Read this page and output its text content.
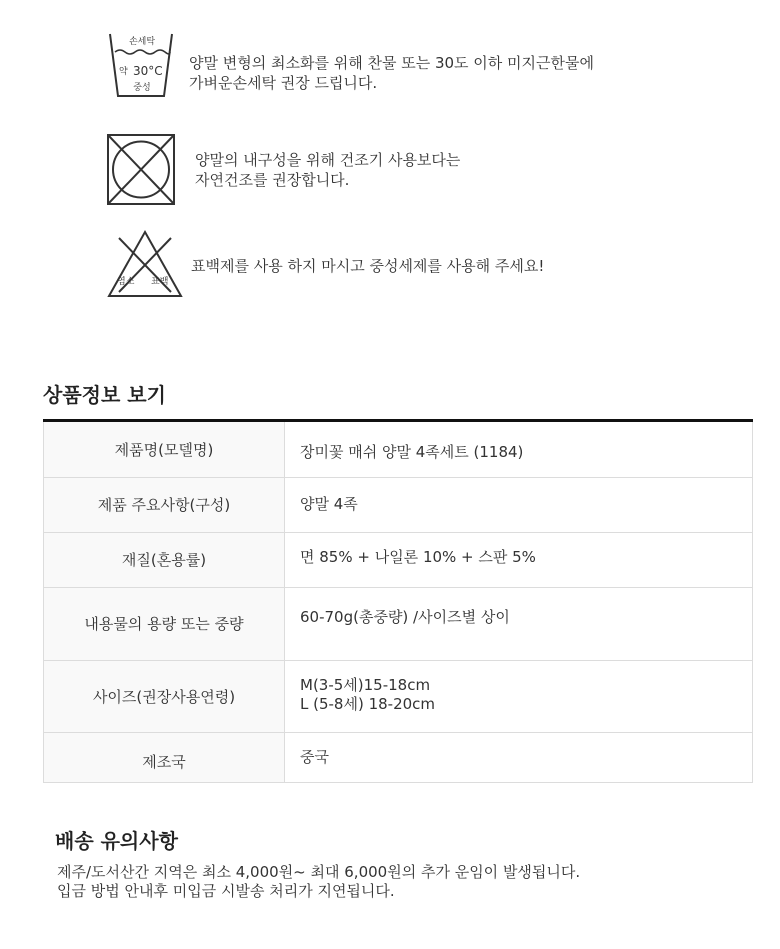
손세탁
약 30°C
중성
양말 변형의 최소화를 위해 찬물 또는 30도 이하 미지근한물에
가벼운손세탁 권장 드립니다.
양말의 내구성을 위해 건조기 사용보다는
자연건조를 권장합니다.
염소 표백
표백제를 사용 하지 마시고 중성세제를 사용해 주세요!
상품정보 보기
제품명(모델명)	장미꽃 매쉬 양말 4족세트 (1184)

제품 주요사항(구성)	양말 4족

재질(혼용률)	면 85% + 나일론 10% + 스판 5%

내용물의 용량 또는 중량	60-70g(총중량) /사이즈별 상이

사이즈(권장사용연령)	M(3-5세)15-18cm
L (5-8세) 18-20cm

제조국	중국
배송 유의사항
제주/도서산간 지역은 최소 4,000원~ 최대 6,000원의 추가 운임이 발생됩니다.
입금 방법 안내후 미입금 시발송 처리가 지연됩니다.
